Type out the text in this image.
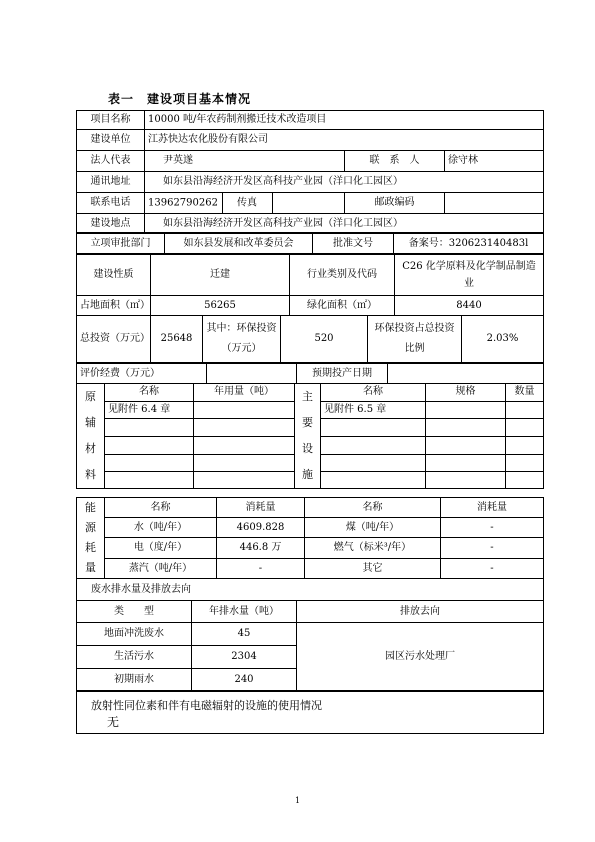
表一　建设项目基本情况
项目名称	10000 吨/年农药制剂搬迁技术改造项目			
建设单位	江苏快达农化股份有限公司			
法人代表	尹英遂		联　系　人	徐守林
通讯地址	如东县沿海经济开发区高科技产业园（洋口化工园区）			
联系电话	13962790262 传真		邮政编码	
建设地点	如东县沿海经济开发区高科技产业园（洋口化工园区）			
立项审批部门	如东县发展和改革委员会	批准文号	备案号：320623140483l
建设性质	迁建	行业类别及代码	C26 化学原料及化学制品制造业
占地面积（㎡）	56265	绿化面积（㎡）	8440
总投资（万元）	25648	其中：环保投资（万元）	520	环保投资占总投资比例	2.03%
评价经费（万元）		预期投产日期	
原辅材料	名称	年用量（吨）	主要设施	名称	规格	数量
	见附件 6.4 章			见附件 6.5 章		

能源耗量	名称	消耗量	名称	消耗量
	水（吨/年）	4609.828	煤（吨/年）	-
	电（度/年）	446.8 万	燃气（标米³/年）	-
	蒸汽（吨/年）	-	其它	-
废水排水量及排放去向		
类　　型	年排水量（吨）	排放去向
地面冲洗废水	45	园区污水处理厂
生活污水	2304	
初期雨水	240	
放射性同位素和伴有电磁辐射的设施的使用情况
无
1
